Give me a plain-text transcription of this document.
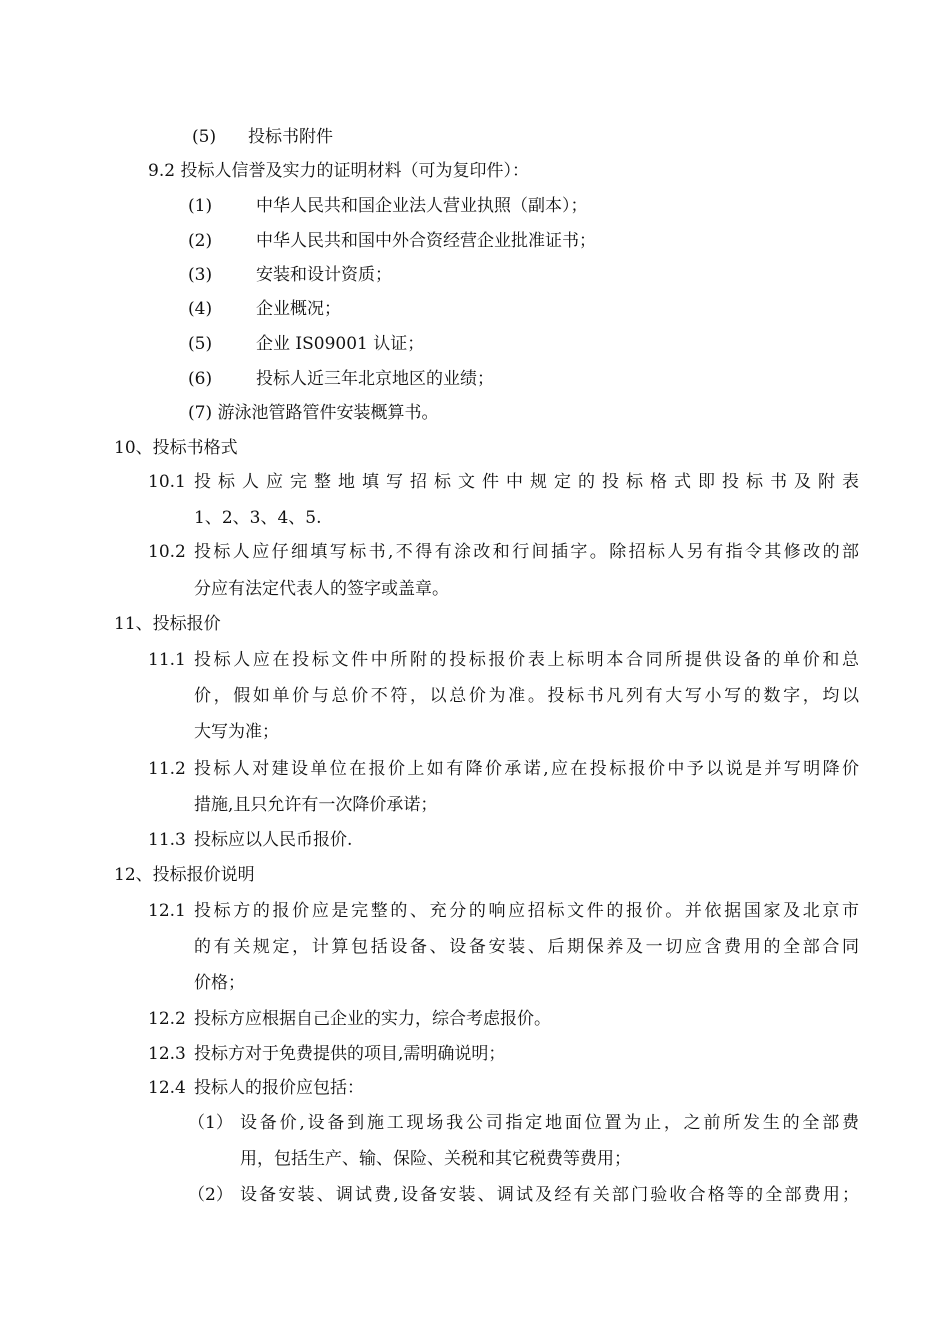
(5) 投标书附件
9.2 投标人信誉及实力的证明材料（可为复印件）：
(1)	中华人民共和国企业法人营业执照（副本）；
(2)	中华人民共和国中外合资经营企业批准证书；
(3)	安装和设计资质；
(4)	企业概况；
(5)	企业 IS09001 认证；
(6)	投标人近三年北京地区的业绩；
(7) 游泳池管路管件安装概算书。
10、投标书格式
10.1 投标人应完整地填写招标文件中规定的投标格式即投标书及附表
1、2、3、4、5.
10.2 投标人应仔细填写标书,不得有涂改和行间插字。除招标人另有指令其修改的部
分应有法定代表人的签字或盖章。
11、投标报价
11.1 投标人应在投标文件中所附的投标报价表上标明本合同所提供设备的单价和总
价，假如单价与总价不符，以总价为准。投标书凡列有大写小写的数字，均以
大写为准；
11.2 投标人对建设单位在报价上如有降价承诺,应在投标报价中予以说是并写明降价
措施,且只允许有一次降价承诺；
11.3 投标应以人民币报价.
12、投标报价说明
12.1 投标方的报价应是完整的、充分的响应招标文件的报价。并依据国家及北京市
的有关规定，计算包括设备、设备安装、后期保养及一切应含费用的全部合同
价格；
12.2 投标方应根据自己企业的实力，综合考虑报价。
12.3 投标方对于免费提供的项目,需明确说明；
12.4 投标人的报价应包括：
（1） 设备价,设备到施工现场我公司指定地面位置为止，之前所发生的全部费
用，包括生产、输、保险、关税和其它税费等费用；
（2） 设备安装、调试费,设备安装、调试及经有关部门验收合格等的全部费用；
